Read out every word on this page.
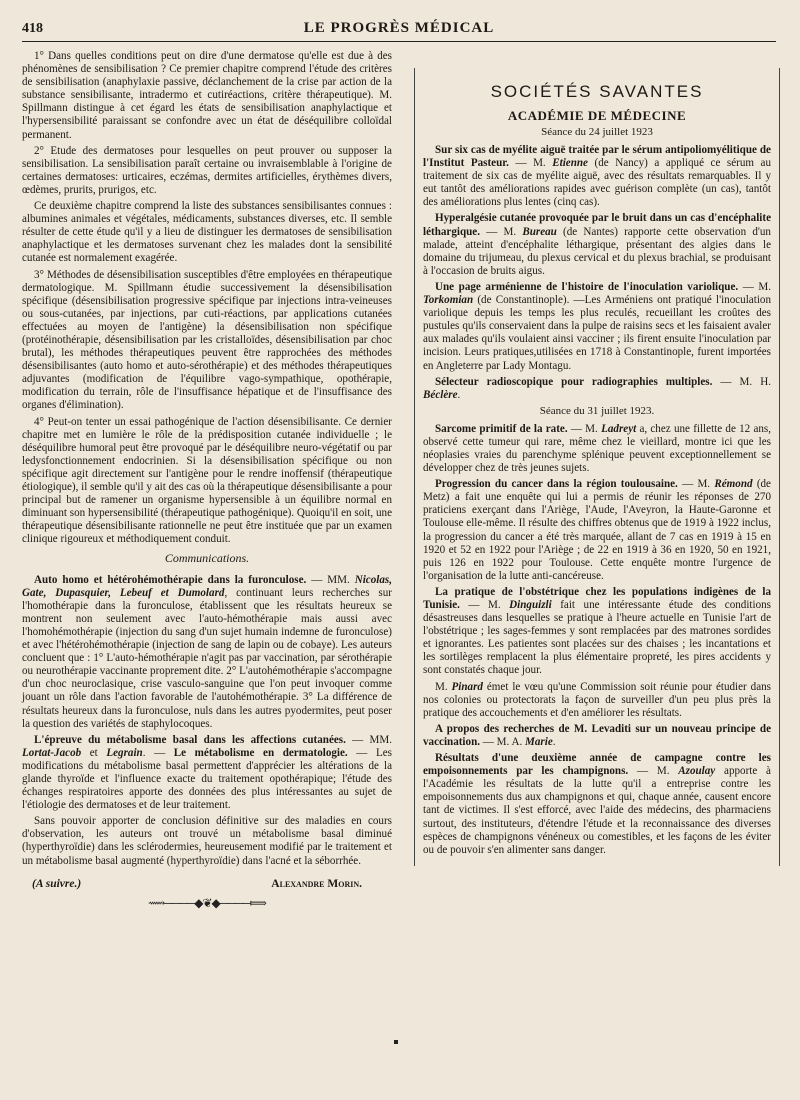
418	LE PROGRÈS MÉDICAL

1° Dans quelles conditions peut on dire d'une dermatose qu'elle est due à des phénomènes de sensibilisation ? Ce premier chapitre comprend l'étude des critères de sensibilisation (anaphylaxie passive, déclanchement de la crise par action de la substance sensibilisante, intradermo et cutiréactions, critère thérapeutique). M. Spillmann distingue à cet égard les états de sensibilisation anaphylactique et l'hypersensibilité paraissant se confondre avec un état de déséquilibre colloïdal permanent.

2° Etude des dermatoses pour lesquelles on peut prouver ou supposer la sensibilisation. La sensibilisation paraît certaine ou invraisemblable à l'origine de certaines dermatoses: urticaires, eczémas, dermites artificielles, érythèmes divers, œdèmes, prurits, prurigos, etc.

Ce deuxième chapitre comprend la liste des substances sensibilisantes connues : albumines animales et végétales, médicaments, substances diverses, etc. Il semble résulter de cette étude qu'il y a lieu de distinguer les dermatoses de sensibilisation anaphylactique et les dermatoses survenant chez les malades dont la sensibilité cutanée est normalement exagérée.

3° Méthodes de désensibilisation susceptibles d'être employées en thérapeutique dermatologique. M. Spillmann étudie successivement la désensibilisation spécifique (désensibilisation progressive spécifique par injections intra-veineuses ou sous-cutanées, par injections, par cuti-réactions, par applications cutanées effectuées au moyen de l'antigène) la désensibilisation non spécifique (protéinothérapie, désensibilisation par les cristalloïdes, désensibilisation par choc brutal), les méthodes thérapeutiques peuvent être rapprochées des méthodes désensibilisantes (auto homo et auto-sérothérapie) et des méthodes thérapeutiques adjuvantes (modification de l'équilibre vago-sympathique, opothérapie, modification du terrain, rôle de l'insuffisance hépatique et de l'insuffisance des organes d'élimination).

4° Peut-on tenter un essai pathogénique de l'action désensibilisante. Ce dernier chapitre met en lumière le rôle de la prédisposition cutanée individuelle ; le déséquilibre humoral peut être provoqué par le déséquilibre neuro-végétatif ou par ledysfonctionnement endocrinien. Si la désensibilisation spécifique ou non spécifique agit directement sur l'antigène pour le rendre inoffensif (thérapeutique étiologique), il semble qu'il y ait des cas où la thérapeutique désensibilisante a pour principal but de ramener un organisme hypersensible à un équilibre normal en diminuant son hypersensibilité (thérapeutique pathogénique). Quoiqu'il en soit, une thérapeutique désensibilisante rationnelle ne peut être instituée que par un examen clinique rigoureux et méthodiquement conduit.

Communications.

Auto homo et hétérohémothérapie dans la furonculose. — MM. Nicolas, Gate, Dupasquier, Lebeuf et Dumolard, continuant leurs recherches sur l'homothérapie dans la furonculose, établissent que les résultats heureux se montrent non seulement avec l'auto-hémothérapie mais aussi avec l'homohémothérapie (injection du sang d'un sujet humain indemne de furonculose) et avec l'hétérohémothérapie (injection de sang de lapin ou de cobaye). Les auteurs concluent que : 1° L'auto-hémothérapie n'agit pas par vaccination, par sérothérapie ou neurothérapie vaccinante proprement dite. 2° L'autohémothérapie s'accompagne d'un choc neuroclasique, crise vasculo-sanguine que l'on peut invoquer comme jouant un rôle dans l'action favorable de l'autohémothérapie. 3° La différence de résultats heureux dans la furonculose, nuls dans les autres pyodermites, peut poser la question des variétés de staphylocoques.

L'épreuve du métabolisme basal dans les affections cutanées. — MM. Lortat-Jacob et Legrain. — Le métabolisme en dermatologie. — Les modifications du métabolisme basal permettent d'apprécier les altérations de la glande thyroïde et l'influence exacte du traitement opothérapique; l'étude des échanges respiratoires apporte des données des plus intéressantes au sujet de l'étiologie des dermatoses et de leur traitement.

Sans pouvoir apporter de conclusion définitive sur des maladies en cours d'observation, les auteurs ont trouvé un métabolisme basal diminué (hyperthyroïdie) dans les sclérodermies, heureusement modifié par le traitement et un métabolisme basal augmenté (hyperthyroïdie) dans l'acné et la séborrhée.

(A suivre.)	Alexandre Morin.
⟿────◆❦◆────⟾
SOCIÉTÉS SAVANTES
ACADÉMIE DE MÉDECINE
Séance du 24 juillet 1923

Sur six cas de myélite aiguë traitée par le sérum antipoliomyélitique de l'Institut Pasteur. — M. Etienne (de Nancy) a appliqué ce sérum au traitement de six cas de myélite aiguë, avec des résultats remarquables. Il y eut tantôt des améliorations rapides avec guérison complète (un cas), tantôt des améliorations plus lentes (cinq cas).

Hyperalgésie cutanée provoquée par le bruit dans un cas d'encéphalite léthargique. — M. Bureau (de Nantes) rapporte cette observation d'un malade, atteint d'encéphalite léthargique, présentant des algies dans le domaine du trijumeau, du plexus cervical et du plexus brachial, se produisant à l'occasion de bruits aigus.

Une page arménienne de l'histoire de l'inoculation variolique. — M. Torkomian (de Constantinople). —Les Arméniens ont pratiqué l'inoculation variolique depuis les temps les plus reculés, recueillant les croûtes des pustules qu'ils conservaient dans la pulpe de raisins secs et les faisaient avaler aux malades qu'ils voulaient ainsi vacciner ; ils firent ensuite l'inoculation par incision. Leurs pratiques,utilisées en 1718 à Constantinople, furent importées en Angleterre par Lady Montagu.

Sélecteur radioscopique pour radiographies multiples. — M. H. Béclère.

Séance du 31 juillet 1923.

Sarcome primitif de la rate. — M. Ladreyt a, chez une fillette de 12 ans, observé cette tumeur qui rare, même chez le vieillard, montre ici que les néoplasies vraies du parenchyme splénique peuvent exceptionnellement se développer chez de très jeunes sujets.

Progression du cancer dans la région toulousaine. — M. Rémond (de Metz) a fait une enquête qui lui a permis de réunir les réponses de 270 praticiens exerçant dans l'Ariège, l'Aude, l'Aveyron, la Haute-Garonne et Toulouse elle-même. Il résulte des chiffres obtenus que de 1919 à 1922 inclus, la progression du cancer a été très marquée, allant de 7 cas en 1919 à 15 en 1920 et 52 en 1922 pour l'Ariège ; de 22 en 1919 à 36 en 1920, 50 en 1921, puis 126 en 1922 pour Toulouse. Cette enquête montre l'urgence de l'organisation de la lutte anti-cancéreuse.

La pratique de l'obstétrique chez les populations indigènes de la Tunisie. — M. Dinguizli fait une intéressante étude des conditions désastreuses dans lesquelles se pratique à l'heure actuelle en Tunisie l'art de l'obstétrique ; les sages-femmes y sont remplacées par des matrones sordides et ignorantes. Les patientes sont placées sur des chaises ; les incantations et les sortilèges remplacent la plus élémentaire propreté, les pires accidents y sont constatés chaque jour.

M. Pinard émet le vœu qu'une Commission soit réunie pour étudier dans nos colonies ou protectorats la façon de surveiller d'un peu plus près la pratique des accouchements et d'en améliorer les résultats.

A propos des recherches de M. Levaditi sur un nouveau principe de vaccination. — M. A. Marie.

Résultats d'une deuxième année de campagne contre les empoisonnements par les champignons. — M. Azoulay apporte à l'Académie les résultats de la lutte qu'il a entreprise contre les empoisonnements dus aux champignons et qui, chaque année, causent encore tant de victimes. Il s'est efforcé, avec l'aide des médecins, des pharmaciens surtout, des instituteurs, d'étendre l'étude et la reconnaissance des diverses espèces de champignons vénéneux ou comestibles, et les façons de les éviter ou de pouvoir s'en alimenter sans danger.
